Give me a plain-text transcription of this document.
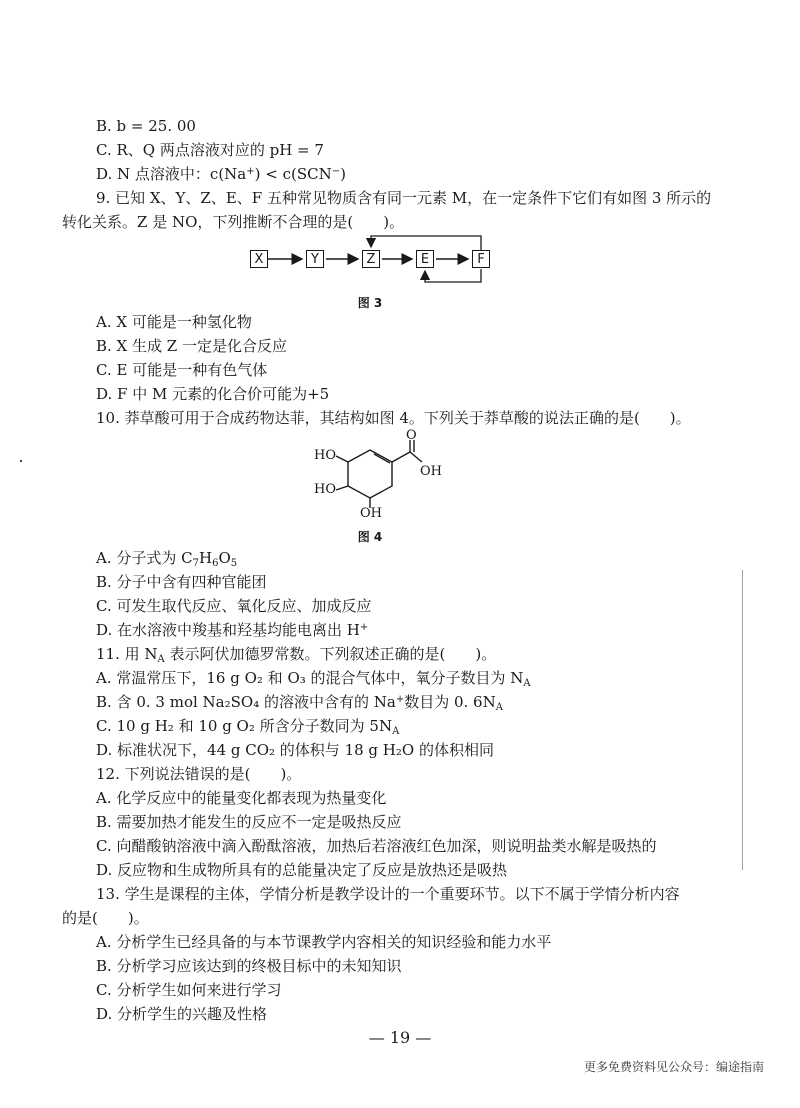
B. b = 25. 00
C. R、Q 两点溶液对应的 pH = 7
D. N 点溶液中：c(Na+) < c(SCN−)
9. 已知 X、Y、Z、E、F 五种常见物质含有同一元素 M，在一定条件下它们有如图 3 所示的
转化关系。Z 是 NO，下列推断不合理的是(　　)。
X	Y	Z	E	F
图 3
A. X 可能是一种氢化物
B. X 生成 Z 一定是化合反应
C. E 可能是一种有色气体
D. F 中 M 元素的化合价可能为+5
10. 莽草酸可用于合成药物达菲，其结构如图 4。下列关于莽草酸的说法正确的是(　　)。
O
OH
HO
HO
OH
图 4
A. 分子式为 $C_7H_6O_5$
B. 分子中含有四种官能团
C. 可发生取代反应、氧化反应、加成反应
D. 在水溶液中羧基和羟基均能电离出 H+
11. 用 $N_A$ 表示阿伏加德罗常数。下列叙述正确的是(　　)。
A. 常温常压下，16 g O₂ 和 O₃ 的混合气体中，氧分子数目为 $N_A$
B. 含 0. 3 mol Na₂SO₄ 的溶液中含有的 Na+数目为 0. $6N_A$
C. 10 g H₂ 和 10 g O₂ 所含分子数同为 $5N_A$
D. 标准状况下，44 g CO₂ 的体积与 18 g H₂O 的体积相同
12. 下列说法错误的是(　　)。
A. 化学反应中的能量变化都表现为热量变化
B. 需要加热才能发生的反应不一定是吸热反应
C. 向醋酸钠溶液中滴入酚酞溶液，加热后若溶液红色加深，则说明盐类水解是吸热的
D. 反应物和生成物所具有的总能量决定了反应是放热还是吸热
13. 学生是课程的主体，学情分析是教学设计的一个重要环节。以下不属于学情分析内容
的是(　　)。
A. 分析学生已经具备的与本节课教学内容相关的知识经验和能力水平
B. 分析学习应该达到的终极目标中的未知知识
C. 分析学生如何来进行学习
D. 分析学生的兴趣及性格
— 19 —
更多免费资料见公众号：编途指南
